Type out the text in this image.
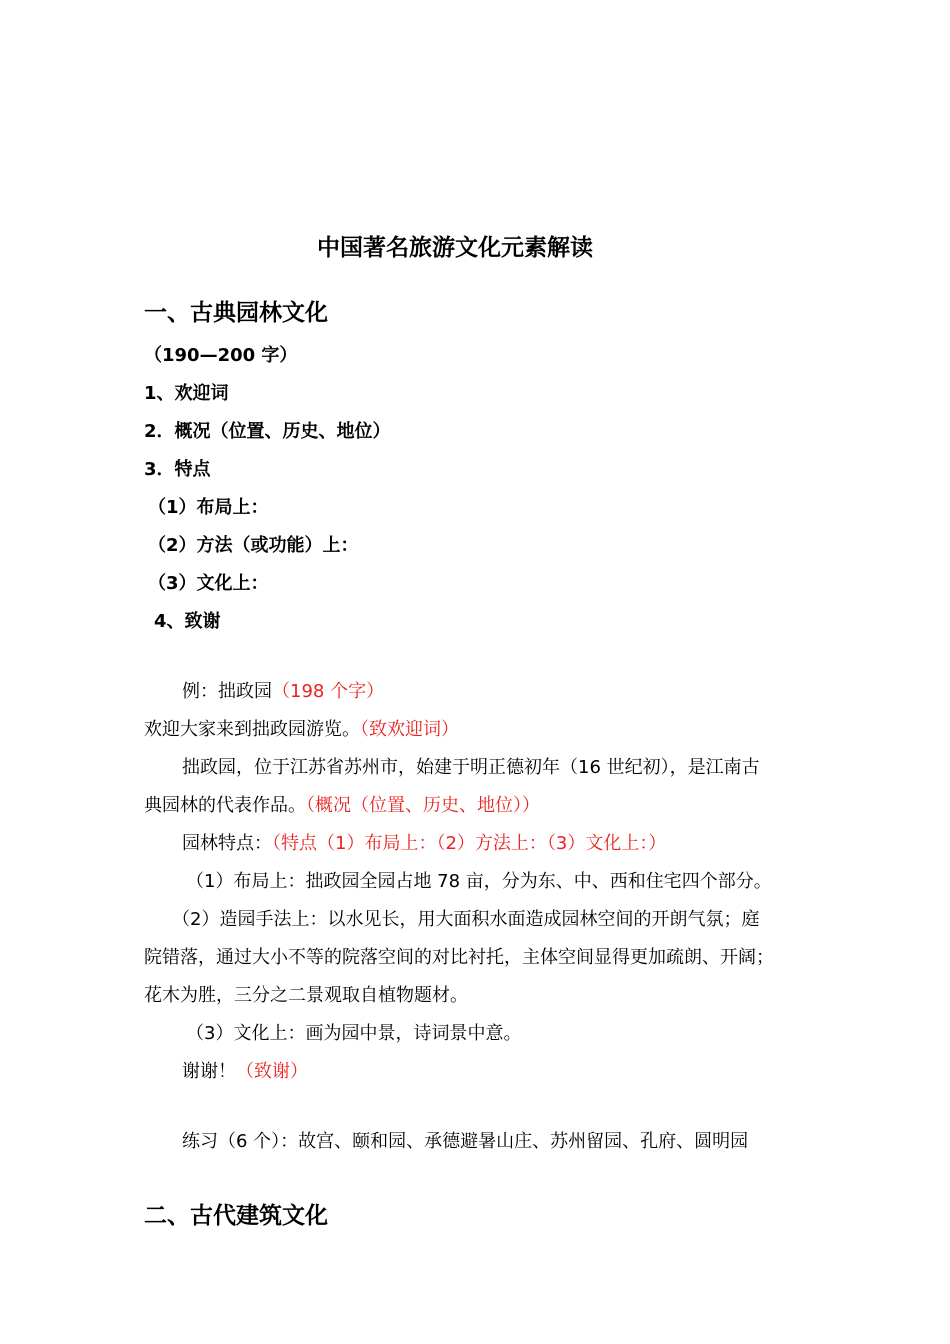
中国著名旅游文化元素解读
一、古典园林文化
（190—200 字）
1、欢迎词
2．概况（位置、历史、地位）
3．特点
（1）布局上：
（2）方法（或功能）上：
（3）文化上：
4、致谢
例：拙政园（198 个字）
欢迎大家来到拙政园游览。（致欢迎词）
拙政园，位于江苏省苏州市，始建于明正德初年（16 世纪初），是江南古
典园林的代表作品。（概况（位置、历史、地位））
园林特点：（特点（1）布局上：（2）方法上：（3）文化上：）
（1）布局上：拙政园全园占地 78 亩，分为东、中、西和住宅四个部分。
（2）造园手法上：以水见长，用大面积水面造成园林空间的开朗气氛；庭
院错落，通过大小不等的院落空间的对比衬托，主体空间显得更加疏朗、开阔；
花木为胜，三分之二景观取自植物题材。
（3）文化上：画为园中景，诗词景中意。
谢谢！（致谢）
练习（6 个）：故宫、颐和园、承德避暑山庄、苏州留园、孔府、圆明园
二、古代建筑文化
